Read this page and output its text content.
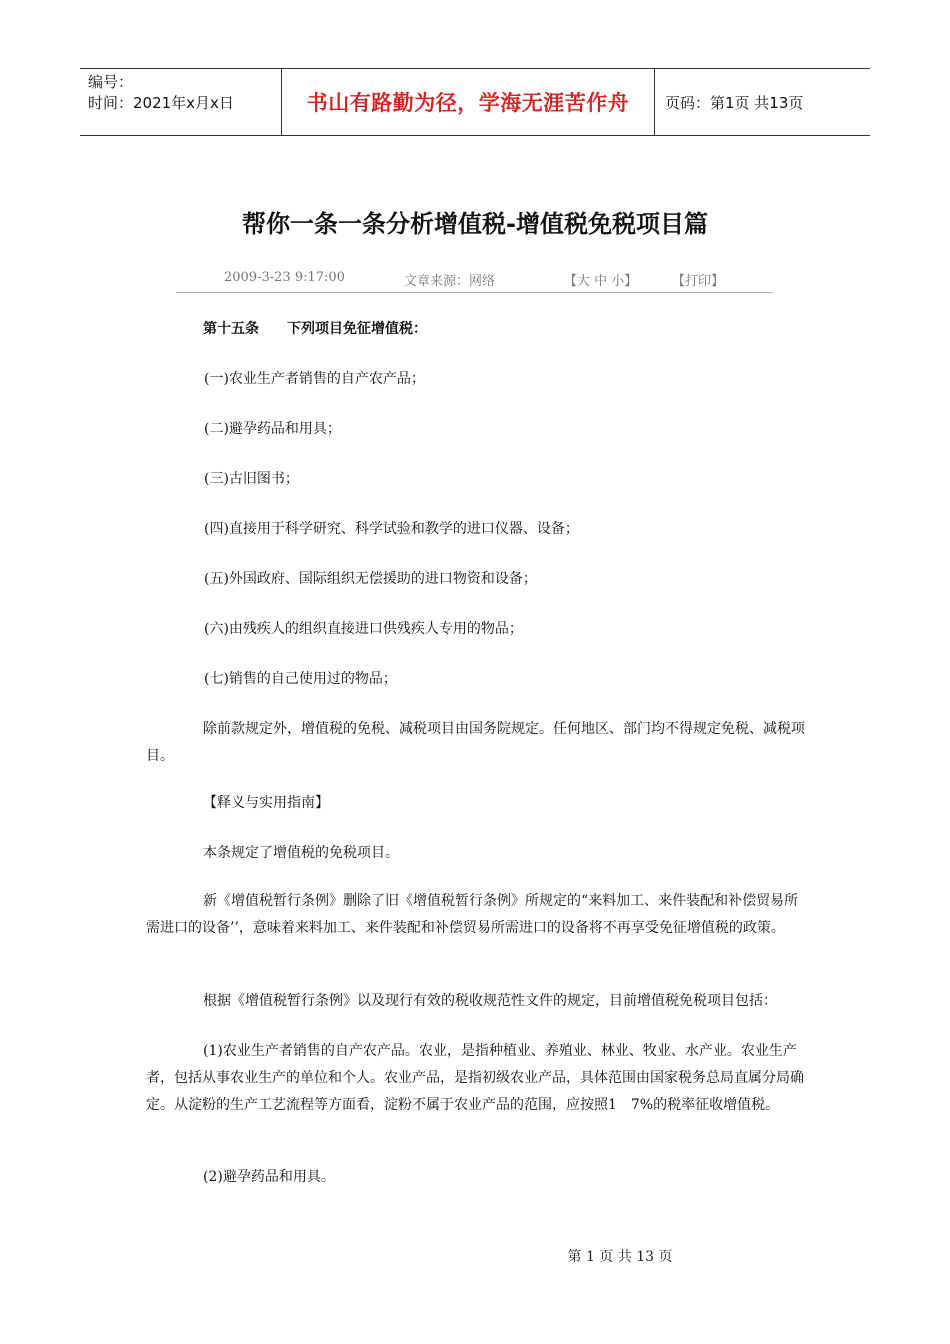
编号：
时间：2021年x月x日	书山有路勤为径，学海无涯苦作舟 页码：第1页 共13页
帮你一条一条分析增值税-增值税免税项目篇
2009-3-23 9:17:00	文章来源：网络	【大 中 小】	【打印】
第十五条　　下列项目免征增值税：
(一)农业生产者销售的自产农产品；
(二)避孕药品和用具；
(三)古旧图书；
(四)直接用于科学研究、科学试验和教学的进口仪器、设备；
(五)外国政府、国际组织无偿援助的进口物资和设备；
(六)由残疾人的组织直接进口供残疾人专用的物品；
(七)销售的自己使用过的物品；
除前款规定外，增值税的免税、减税项目由国务院规定。任何地区、部门均不得规定免税、减税项目。
【释义与实用指南】
本条规定了增值税的免税项目。
新《增值税暂行条例》删除了旧《增值税暂行条例》所规定的“来料加工、来件装配和补偿贸易所需进口的设备’’，意味着来料加工、来件装配和补偿贸易所需进口的设备将不再享受免征增值税的政策。
根据《增值税暂行条例》以及现行有效的税收规范性文件的规定，目前增值税免税项目包括：
(1)农业生产者销售的自产农产品。农业，是指种植业、养殖业、林业、牧业、水产业。农业生产者，包括从事农业生产的单位和个人。农业产品，是指初级农业产品，具体范围由国家税务总局直属分局确定。从淀粉的生产工艺流程等方面看，淀粉不属于农业产品的范围，应按照1　7%的税率征收增值税。
(2)避孕药品和用具。
第 1 页 共 13 页
